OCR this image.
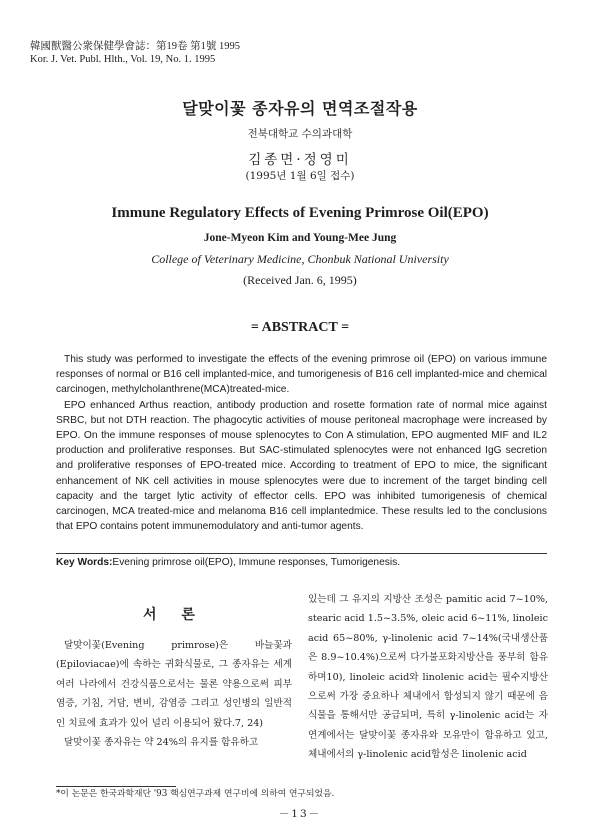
韓國獸醫公衆保健學會誌：第19卷 第1號 1995
Kor. J. Vet. Publ. Hlth., Vol. 19, No. 1. 1995
달맞이꽃 종자유의 면역조절작용
전북대학교 수의과대학
김종면·정영미
(1995년 1월 6일 접수)
Immune Regulatory Effects of Evening Primrose Oil(EPO)
Jone-Myeon Kim and Young-Mee Jung
College of Veterinary Medicine, Chonbuk National University
(Received Jan. 6, 1995)
= ABSTRACT =

This study was performed to investigate the effects of the evening primrose oil (EPO) on various immune responses of normal or B16 cell implanted-mice, and tumorigenesis of B16 cell implanted-mice and chemical carcinogen, methylcholanthrene(MCA)treated-mice.

EPO enhanced Arthus reaction, antibody production and rosette formation rate of normal mice against SRBC, but not DTH reaction. The phagocytic activities of mouse peritoneal macrophage were increased by EPO. On the immune responses of mouse splenocytes to Con A stimulation, EPO augmented MIF and IL2 production and proliferative responses. But SAC-stimulated splenocytes were not enhanced IgG secretion and proliferative responses of EPO-treated mice. According to treatment of EPO to mice, the significant enhancement of NK cell activities in mouse splenocytes were due to increment of the target binding cell capacity and the target lytic activity of effector cells. EPO was inhibited tumorigenesis of chemical carcinogen, MCA treated-mice and melanoma B16 cell implantedmice. These results led to the conclusions that EPO contains potent immunemodulatory and anti-tumor agents.

Key Words:Evening primrose oil(EPO), Immune responses, Tumorigenesis.
서 론

달맞이꽃(Evening primrose)은 바늘꽃과(Epiloviacae)에 속하는 귀화식물로, 그 종자유는 세계 여러 나라에서 건강식품으로서는 물론 약용으로써 피부염증, 기침, 거담, 변비, 감염증 그리고 성인병의 일반적인 치료에 효과가 있어 널리 이용되어 왔다.7, 24)

달맞이꽃 종자유는 약 24%의 유지를 함유하고

있는데 그 유지의 지방산 조성은 pamitic acid 7~10%, stearic acid 1.5~3.5%, oleic acid 6~11%, linoleic acid 65~80%, γ-linolenic acid 7~14%(국내생산품은 8.9~10.4%)으로써 다가불포화지방산을 풍부히 함유하며10), linoleic acid와 linolenic acid는 필수지방산으로써 가장 중요하나 체내에서 합성되지 않기 때문에 음식물을 통해서만 공급되며, 특히 γ-linolenic acid는 자연계에서는 달맞이꽃 종자유와 모유만이 함유하고 있고, 체내에서의 γ-linolenic acid합성은 linolenic acid

*이 논문은 한국과학재단 '93 핵심연구과제 연구비에 의하여 연구되었음.
－13－
